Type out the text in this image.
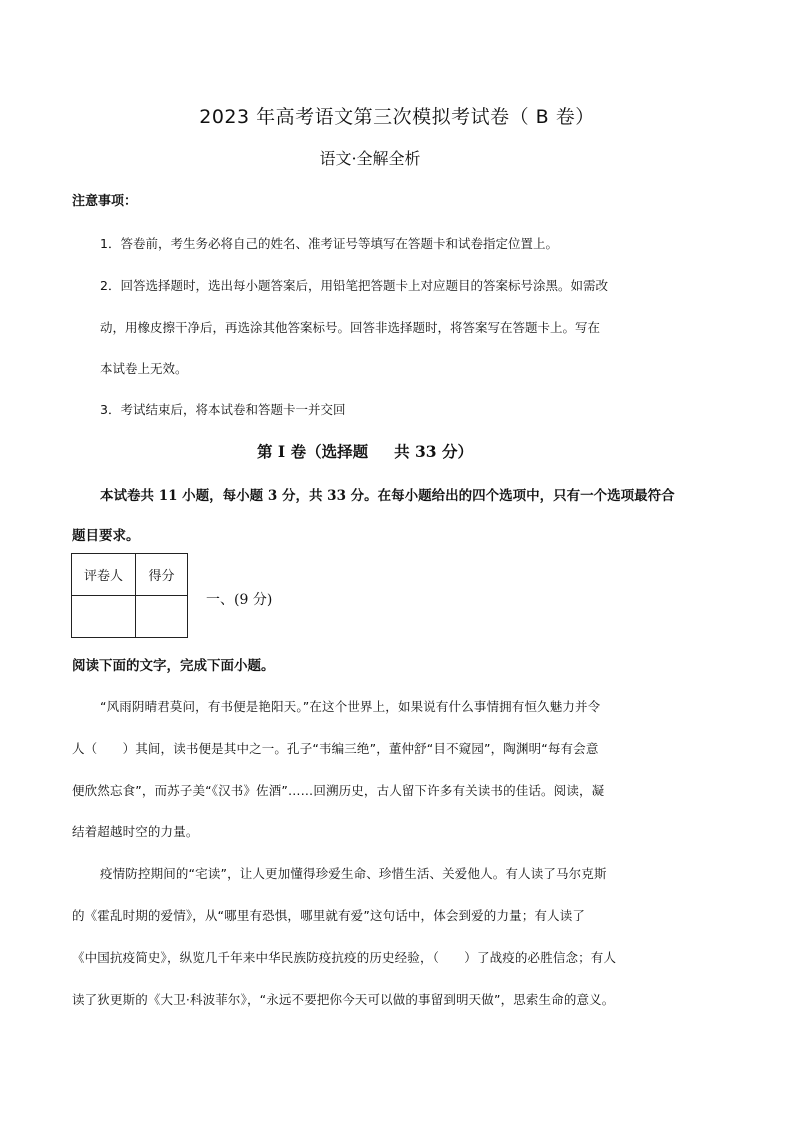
2023 年高考语文第三次模拟考试卷（ B 卷）
语文·全解全析
注意事项：
1．答卷前，考生务必将自己的姓名、准考证号等填写在答题卡和试卷指定位置上。
2．回答选择题时，选出每小题答案后，用铅笔把答题卡上对应题目的答案标号涂黑。如需改
动，用橡皮擦干净后，再选涂其他答案标号。回答非选择题时，将答案写在答题卡上。写在
本试卷上无效。
3．考试结束后，将本试卷和答题卡一并交回
第 I 卷（选择题 共 33 分）
本试卷共 11 小题，每小题 3 分，共 33 分。在每小题给出的四个选项中，只有一个选项最符合
题目要求。
评卷人	得分

一、(9 分)
阅读下面的文字，完成下面小题。
“风雨阴晴君莫问，有书便是艳阳天。”在这个世界上，如果说有什么事情拥有恒久魅力并令
人（　　）其间，读书便是其中之一。孔子“韦编三绝”，董仲舒“目不窥园”，陶渊明“每有会意
便欣然忘食”，而苏子美“《汉书》佐酒”……回溯历史，古人留下许多有关读书的佳话。阅读，凝
结着超越时空的力量。
疫情防控期间的“宅读”，让人更加懂得珍爱生命、珍惜生活、关爱他人。有人读了马尔克斯
的《霍乱时期的爱情》，从“哪里有恐惧，哪里就有爱”这句话中，体会到爱的力量；有人读了
《中国抗疫简史》，纵览几千年来中华民族防疫抗疫的历史经验，（　　）了战疫的必胜信念；有人
读了狄更斯的《大卫·科波菲尔》，“永远不要把你今天可以做的事留到明天做”，思索生命的意义。
